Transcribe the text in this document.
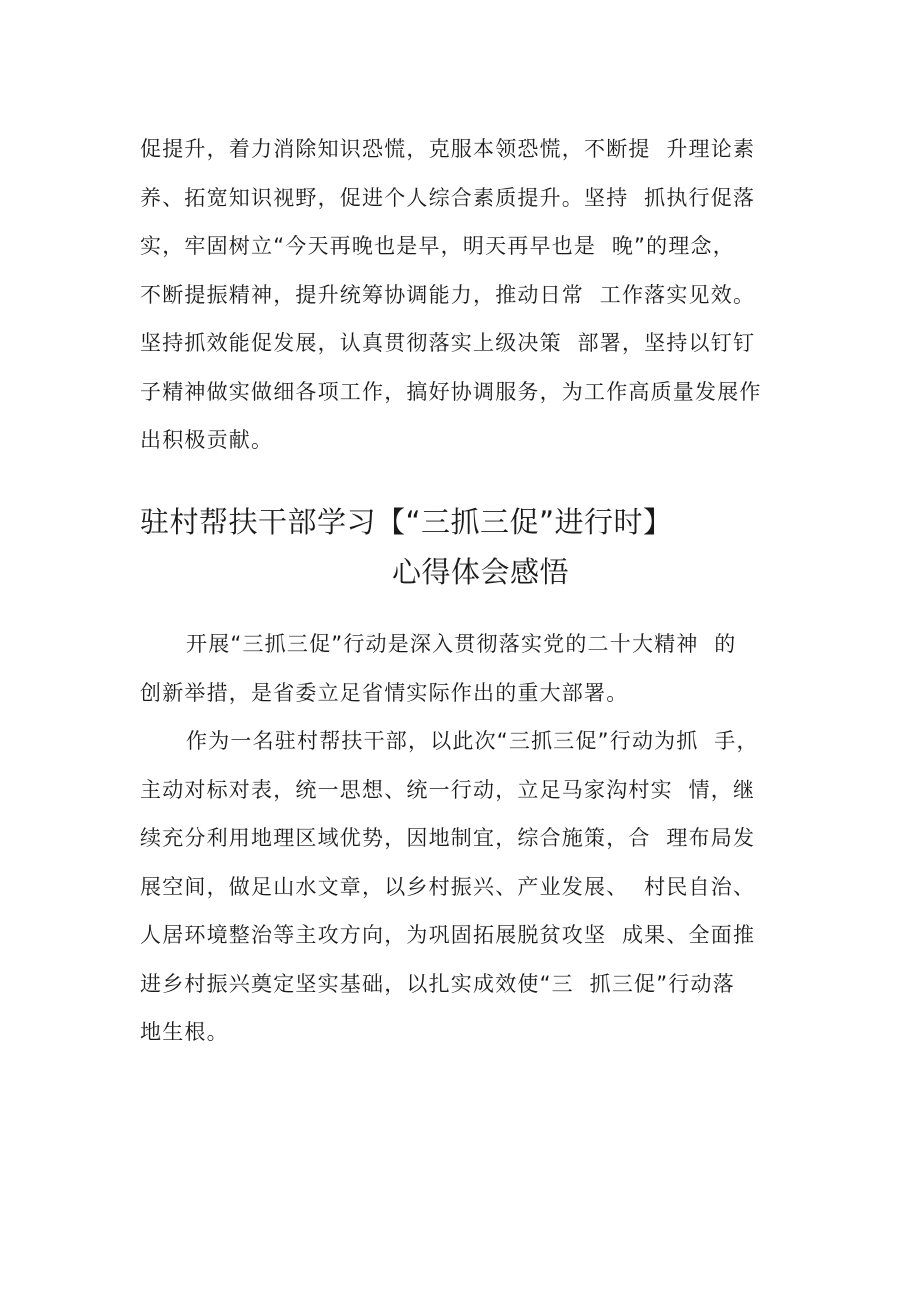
促提升，着力消除知识恐慌，克服本领恐慌，不断提  升理论素
养、拓宽知识视野，促进个人综合素质提升。坚持  抓执行促落
实，牢固树立“今天再晚也是早，明天再早也是  晚”的理念，
不断提振精神，提升统筹协调能力，推动日常  工作落实见效。
坚持抓效能促发展，认真贯彻落实上级决策  部署，坚持以钉钉
子精神做实做细各项工作，搞好协调服务，为工作高质量发展作
出积极贡献。
驻村帮扶干部学习【“三抓三促”进行时】
心得体会感悟
开展“三抓三促”行动是深入贯彻落实党的二十大精神  的
创新举措，是省委立足省情实际作出的重大部署。
作为一名驻村帮扶干部，以此次“三抓三促”行动为抓  手，
主动对标对表，统一思想、统一行动，立足马家沟村实  情，继
续充分利用地理区域优势，因地制宜，综合施策，合  理布局发
展空间，做足山水文章，以乡村振兴、产业发展、  村民自治、
人居环境整治等主攻方向，为巩固拓展脱贫攻坚  成果、全面推
进乡村振兴奠定坚实基础，以扎实成效使“三  抓三促”行动落
地生根。
